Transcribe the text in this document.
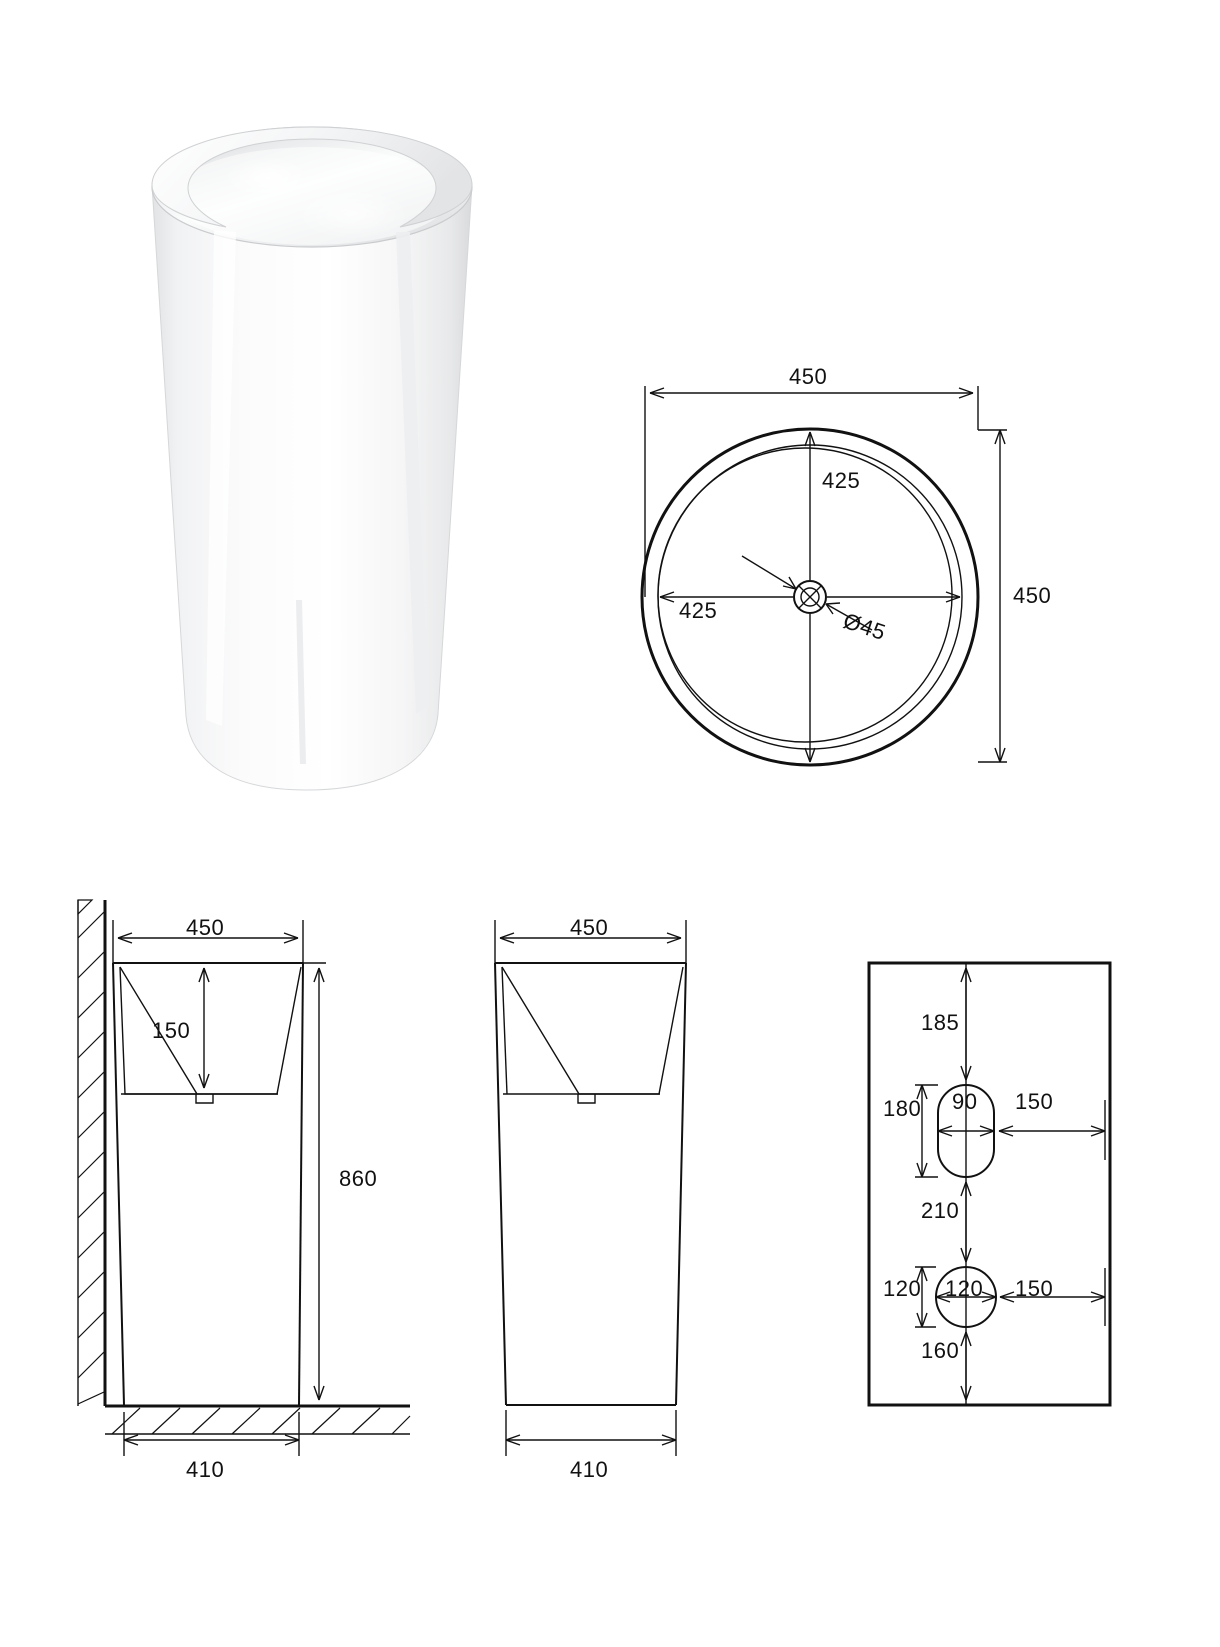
450
450
425
425	Ø45
450
150
860
410
450
410
185
180 90 150
210
120 120 150
160
